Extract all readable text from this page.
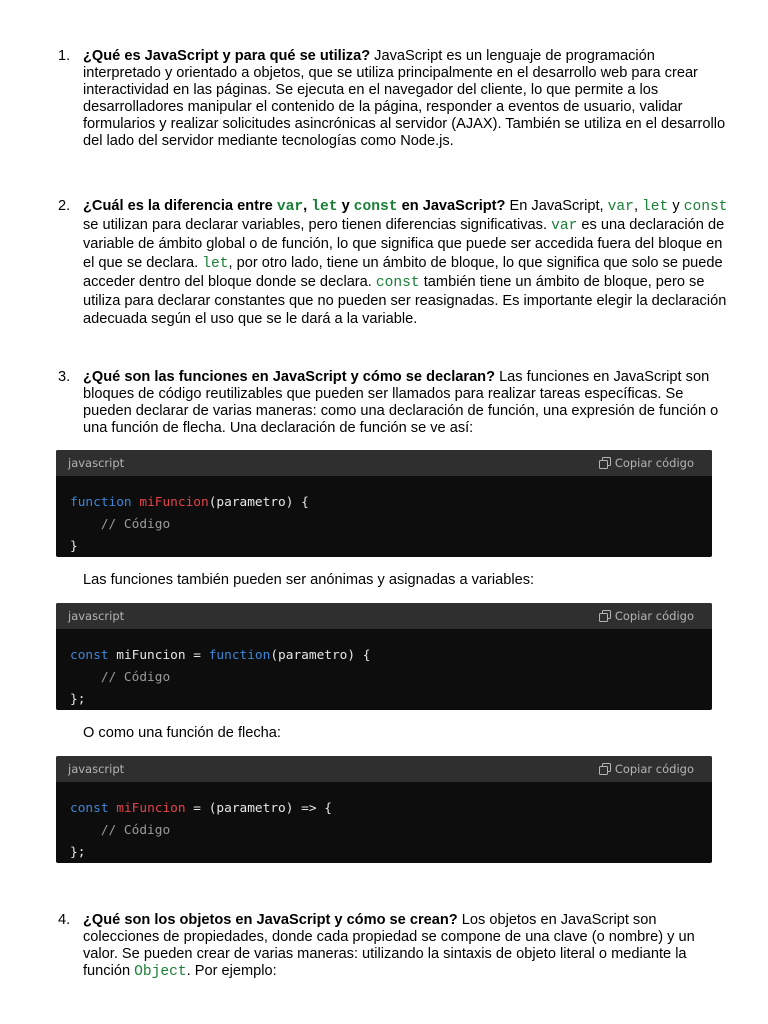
1. ¿Qué es JavaScript y para qué se utiliza? JavaScript es un lenguaje de programación interpretado y orientado a objetos, que se utiliza principalmente en el desarrollo web para crear interactividad en las páginas. Se ejecuta en el navegador del cliente, lo que permite a los desarrolladores manipular el contenido de la página, responder a eventos de usuario, validar formularios y realizar solicitudes asincrónicas al servidor (AJAX). También se utiliza en el desarrollo del lado del servidor mediante tecnologías como Node.js.
2. ¿Cuál es la diferencia entre var, let y const en JavaScript? En JavaScript, var, let y const se utilizan para declarar variables, pero tienen diferencias significativas. var es una declaración de variable de ámbito global o de función, lo que significa que puede ser accedida fuera del bloque en el que se declara. let, por otro lado, tiene un ámbito de bloque, lo que significa que solo se puede acceder dentro del bloque donde se declara. const también tiene un ámbito de bloque, pero se utiliza para declarar constantes que no pueden ser reasignadas. Es importante elegir la declaración adecuada según el uso que se le dará a la variable.
3. ¿Qué son las funciones en JavaScript y cómo se declaran? Las funciones en JavaScript son bloques de código reutilizables que pueden ser llamados para realizar tareas específicas. Se pueden declarar de varias maneras: como una declaración de función, una expresión de función o una función de flecha. Una declaración de función se ve así:
javascript	Copiar código
function miFuncion(parametro) {
// Código
}
Las funciones también pueden ser anónimas y asignadas a variables:
javascript	Copiar código
const miFuncion = function(parametro) {
// Código
};
O como una función de flecha:
javascript	Copiar código
const miFuncion = (parametro) => {
// Código
};
4. ¿Qué son los objetos en JavaScript y cómo se crean? Los objetos en JavaScript son colecciones de propiedades, donde cada propiedad se compone de una clave (o nombre) y un valor. Se pueden crear de varias maneras: utilizando la sintaxis de objeto literal o mediante la función Object. Por ejemplo:
